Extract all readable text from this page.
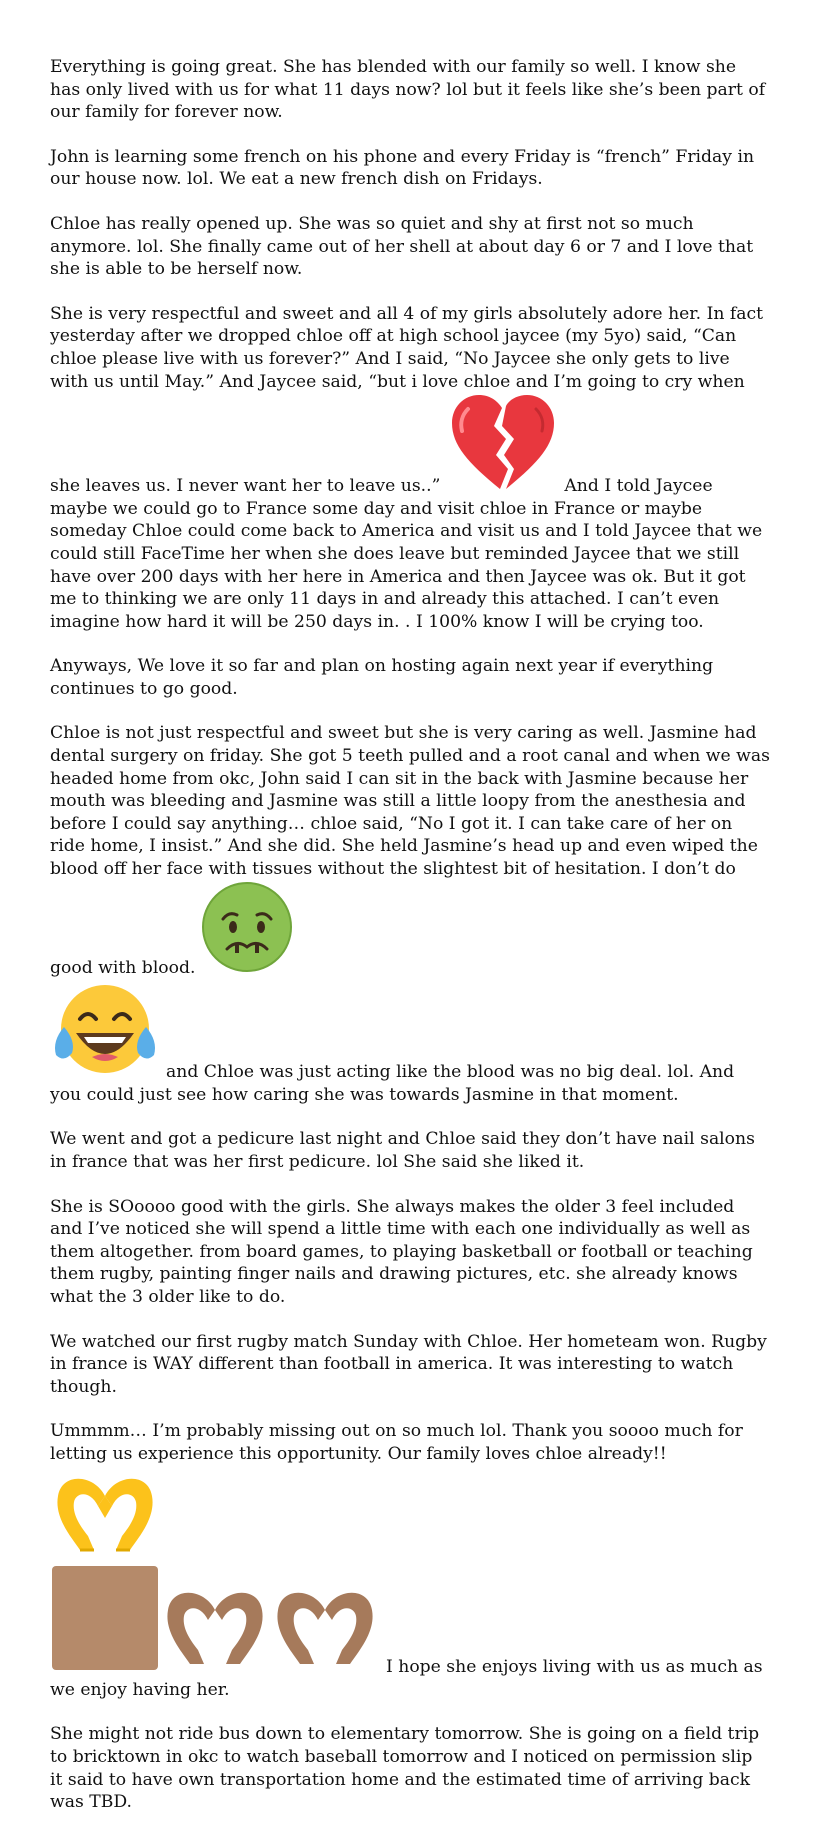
Everything is going great. She has blended with our family so well. I know she has only lived with us for what 11 days now? lol but it feels like she’s been part of our family for forever now.

John is learning some french on his phone and every Friday is “french” Friday in our house now. lol. We eat a new french dish on Fridays.

Chloe has really opened up. She was so quiet and shy at first not so much anymore. lol. She finally came out of her shell at about day 6 or 7 and I love that she is able to be herself now.

She is very respectful and sweet and all 4 of my girls absolutely adore her. In fact yesterday after we dropped chloe off at high school jaycee (my 5yo) said, “Can chloe please live with us forever?” And I said, “No Jaycee she only gets to live with us until May.” And Jaycee said, “but i love chloe and I’m going to cry when she leaves us. I never want her to leave us..”	And I told Jaycee maybe we could go to France some day and visit chloe in France or maybe someday Chloe could come back to America and visit us and I told Jaycee that we could still FaceTime her when she does leave but reminded Jaycee that we still have over 200 days with her here in America and then Jaycee was ok. But it got me to thinking we are only 11 days in and already this attached. I can’t even imagine how hard it will be 250 days in. . I 100% know I will be crying too.

Anyways, We love it so far and plan on hosting again next year if everything continues to go good.

Chloe is not just respectful and sweet but she is very caring as well. Jasmine had dental surgery on friday. She got 5 teeth pulled and a root canal and when we was headed home from okc, John said I can sit in the back with Jasmine because her mouth was bleeding and Jasmine was still a little loopy from the anesthesia and before I could say anything… chloe said, “No I got it. I can take care of her on ride home, I insist.” And she did. She held Jasmine’s head up and even wiped the blood off her face with tissues without the slightest bit of hesitation. I don’t do good with blood.

and Chloe was just acting like the blood was no big deal. lol. And you could just see how caring she was towards Jasmine in that moment.

We went and got a pedicure last night and Chloe said they don’t have nail salons in france that was her first pedicure. lol She said she liked it.

She is SOoooo good with the girls. She always makes the older 3 feel included and I’ve noticed she will spend a little time with each one individually as well as them altogether. from board games, to playing basketball or football or teaching them rugby, painting finger nails and drawing pictures, etc. she already knows what the 3 older like to do.

We watched our first rugby match Sunday with Chloe. Her hometeam won. Rugby in france is WAY different than football in america. It was interesting to watch though.

Ummmm… I’m probably missing out on so much lol. Thank you soooo much for letting us experience this opportunity. Our family loves chloe already!!

I hope she enjoys living with us as much as we enjoy having her.

She might not ride bus down to elementary tomorrow. She is going on a field trip to bricktown in okc to watch baseball tomorrow and I noticed on permission slip it said to have own transportation home and the estimated time of arriving back was TBD.
